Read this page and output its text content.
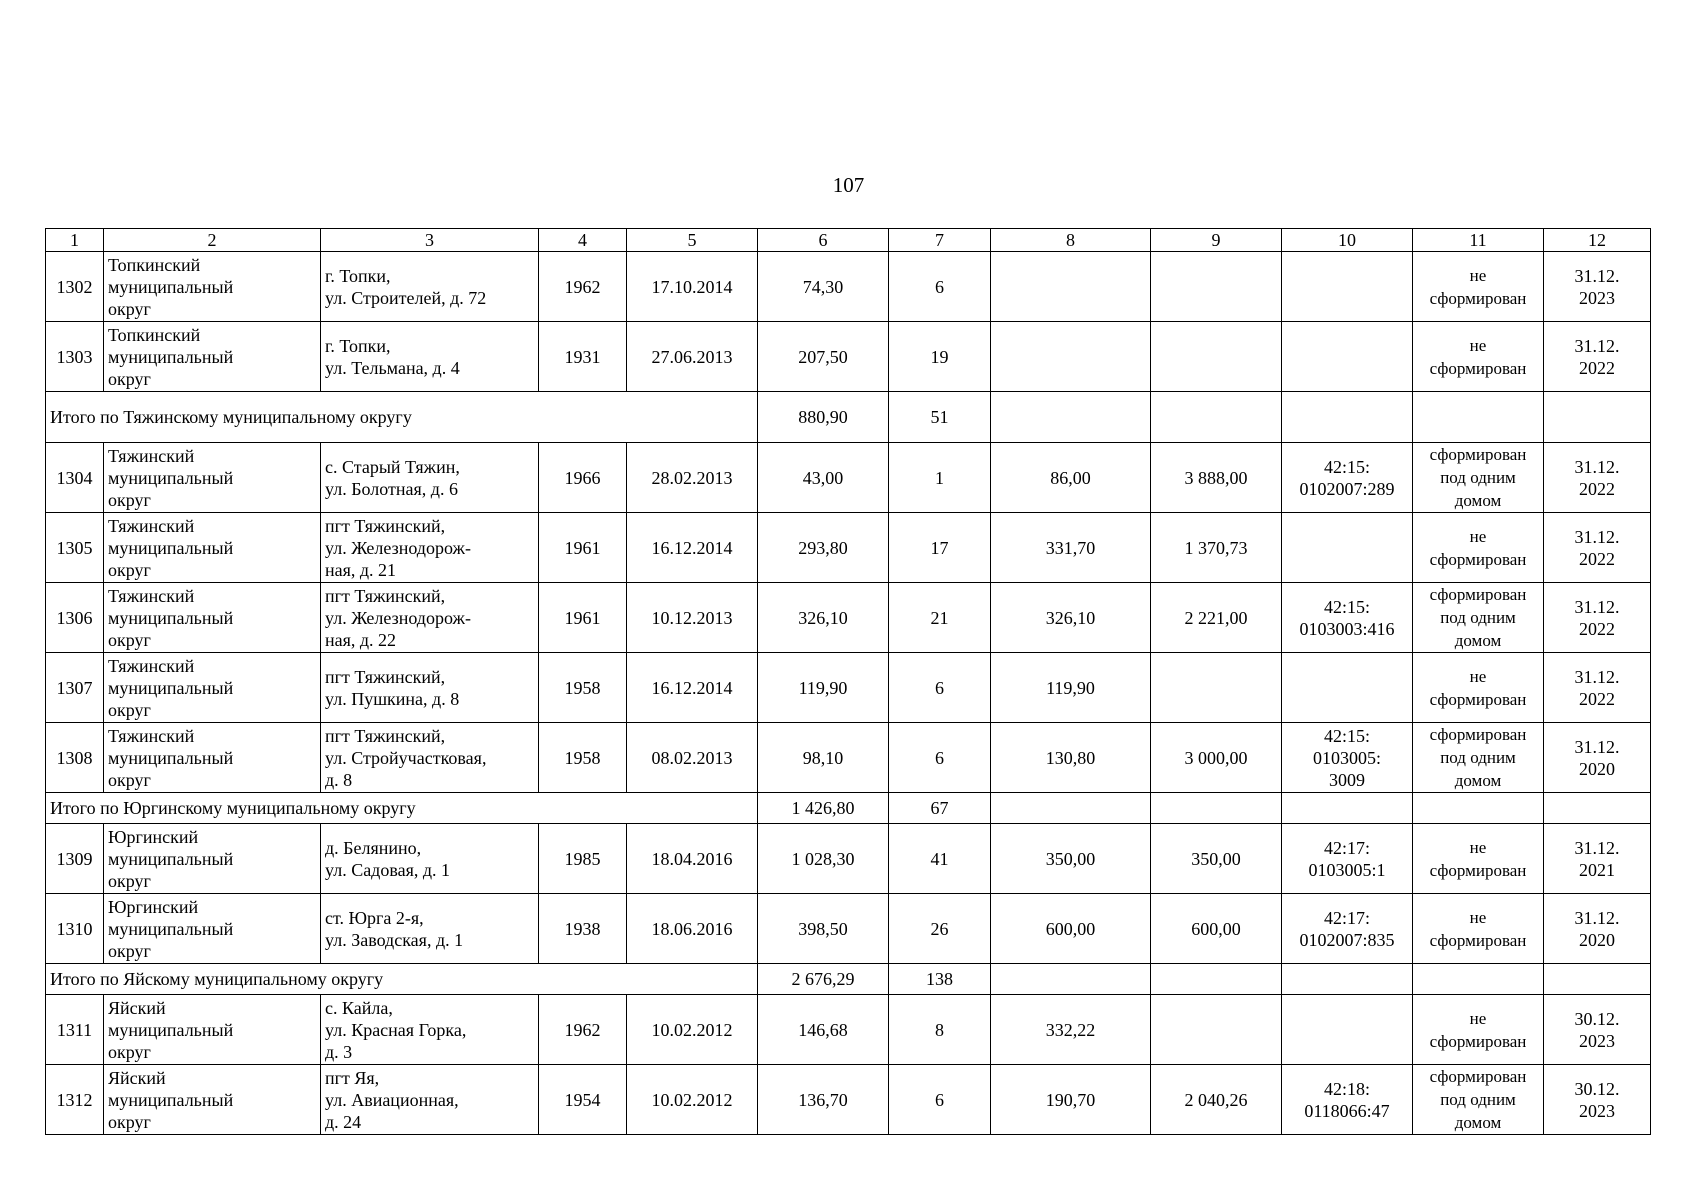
107
1	2	3	4	5	6	7	8	9	10	11	12
1302	Топкинский
муниципальный
округ	г. Топки,
ул. Строителей, д. 72	1962	17.10.2014	74,30	6				не
сформирован	31.12.
2023

1303	Топкинский
муниципальный
округ	г. Топки,
ул. Тельмана, д. 4	1931	27.06.2013	207,50	19				не
сформирован	31.12.
2022

Итого по Тяжинскому муниципальному округу					880,90	51					
1304	Тяжинский
муниципальный
округ	с. Старый Тяжин,
ул. Болотная, д. 6	1966	28.02.2013	43,00	1	86,00	3 888,00	42:15:
0102007:289	сформирован
под одним
домом	31.12.
2022

1305	Тяжинский
муниципальный
округ	пгт Тяжинский,
ул. Железнодорож-
ная, д. 21	1961	16.12.2014	293,80	17	331,70	1 370,73		не
сформирован	31.12.
2022

1306	Тяжинский
муниципальный
округ	пгт Тяжинский,
ул. Железнодорож-
ная, д. 22	1961	10.12.2013	326,10	21	326,10	2 221,00	42:15:
0103003:416	сформирован
под одним
домом	31.12.
2022

1307	Тяжинский
муниципальный
округ	пгт Тяжинский,
ул. Пушкина, д. 8	1958	16.12.2014	119,90	6	119,90			не
сформирован	31.12.
2022

1308	Тяжинский
муниципальный
округ	пгт Тяжинский,
ул. Стройучастковая,
д. 8	1958	08.02.2013	98,10	6	130,80	3 000,00	42:15:
0103005:
3009	сформирован
под одним
домом	31.12.
2020

Итого по Юргинскому муниципальному округу					1 426,80	67					
1309	Юргинский
муниципальный
округ	д. Белянино,
ул. Садовая, д. 1	1985	18.04.2016	1 028,30	41	350,00	350,00	42:17:
0103005:1	не
сформирован	31.12.
2021

1310	Юргинский
муниципальный
округ	ст. Юрга 2-я,
ул. Заводская, д. 1	1938	18.06.2016	398,50	26	600,00	600,00	42:17:
0102007:835	не
сформирован	31.12.
2020

Итого по Яйскому муниципальному округу					2 676,29	138					
1311	Яйский
муниципальный
округ	с. Кайла,
ул. Красная Горка,
д. 3	1962	10.02.2012	146,68	8	332,22			не
сформирован	30.12.
2023

1312	Яйский
муниципальный
округ	пгт Яя,
ул. Авиационная,
д. 24	1954	10.02.2012	136,70	6	190,70	2 040,26	42:18:
0118066:47	сформирован
под одним
домом	30.12.
2023
